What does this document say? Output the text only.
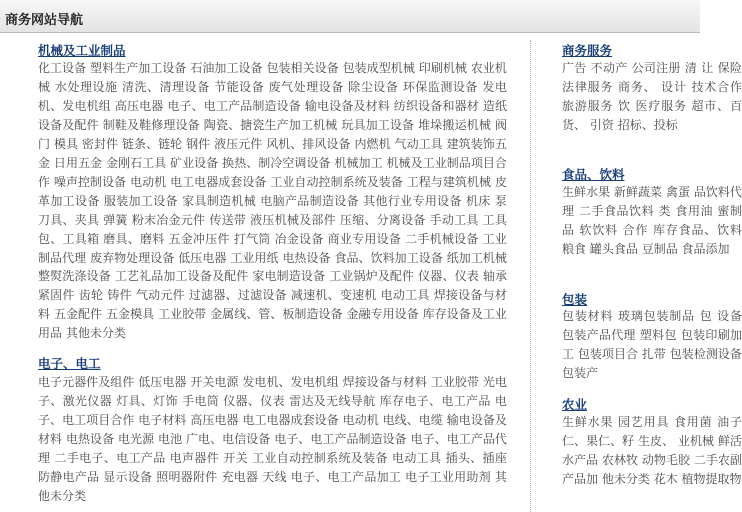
商务网站导航
机械及工业制品
化工设备 塑料生产加工设备 石油加工设备 包装相关设备 包装成型机械 印刷机械 农业机械 水处理设施 清洗、清理设备 节能设备 废气处理设备 除尘设备 环保监测设备 发电机、发电机组 高压电器 电子、电工产品制造设备 输电设备及材料 纺织设备和器材 造纸设备及配件 制鞋及鞋修理设备 陶瓷、搪瓷生产加工机械 玩具加工设备 堆垛搬运机械 阀门 模具 密封件 链条、链轮 钢件 液压元件 风机、排风设备 内燃机 气动工具 建筑装饰五金 日用五金 金刚石工具 矿业设备 换热、制冷空调设备 机械加工 机械及工业制品项目合作 噪声控制设备 电动机 电工电器成套设备 工业自动控制系统及装备 工程与建筑机械 皮革加工设备 服装加工设备 家具制造机械 电脑产品制造设备 其他行业专用设备 机床 泵 刀具、夹具 弹簧 粉末冶金元件 传送带 液压机械及部件 压缩、分离设备 手动工具 工具包、工具箱 磨具、磨料 五金冲压件 打气筒 冶金设备 商业专用设备 二手机械设备 工业制品代理 废弃物处理设备 低压电器 工业用纸 电热设备 食品、饮料加工设备 纸加工机械 整熨洗涤设备 工艺礼品加工设备及配件 家电制造设备 工业锅炉及配件 仪器、仪表 轴承 紧固件 齿轮 铸件 气动元件 过滤器、过滤设备 减速机、变速机 电动工具 焊接设备与材料 五金配件 五金模具 工业胶带 金属线、管、板制造设备 金融专用设备 库存设备及工业用品 其他未分类
电子、电工
电子元器件及组件 低压电器 开关电源 发电机、发电机组 焊接设备与材料 工业胶带 光电子、激光仪器 灯具、灯饰 手电筒 仪器、仪表 雷达及无线导航 库存电子、电工产品 电子、电工项目合作 电子材料 高压电器 电工电器成套设备 电动机 电线、电缆 输电设备及材料 电热设备 电光源 电池 广电、电信设备 电子、电工产品制造设备 电子、电工产品代理 二手电子、电工产品 电声器件 开关 工业自动控制系统及装备 电动工具 插头、插座 防静电产品 显示设备 照明器附件 充电器 天线 电子、电工产品加工 电子工业用助剂 其他未分类
商务服务
广告 不动产 公司注册 清 让 保险 法律服务 商务、 设计 技术合作 旅游服务 饮 医疗服务 超市、百货、 引资 招标、投标
食品、饮料
生鲜水果 新鲜蔬菜 禽蛋 品饮料代理 二手食品饮料 类 食用油 蜜制品 软饮料 合作 库存食品、饮料 粮食 罐头食品 豆制品 食品添加
包装
包装材料 玻璃包装制品 包 设备 包装产品代理 塑料包 包装印刷加工 包装项目合 扎带 包装检测设备 包装产
农业
生鲜水果 园艺用具 食用菌 油子仁、果仁、籽 生皮、 业机械 鲜活水产品 农林牧 动物毛胶 二手农副产品加 他未分类 花木 植物提取物
